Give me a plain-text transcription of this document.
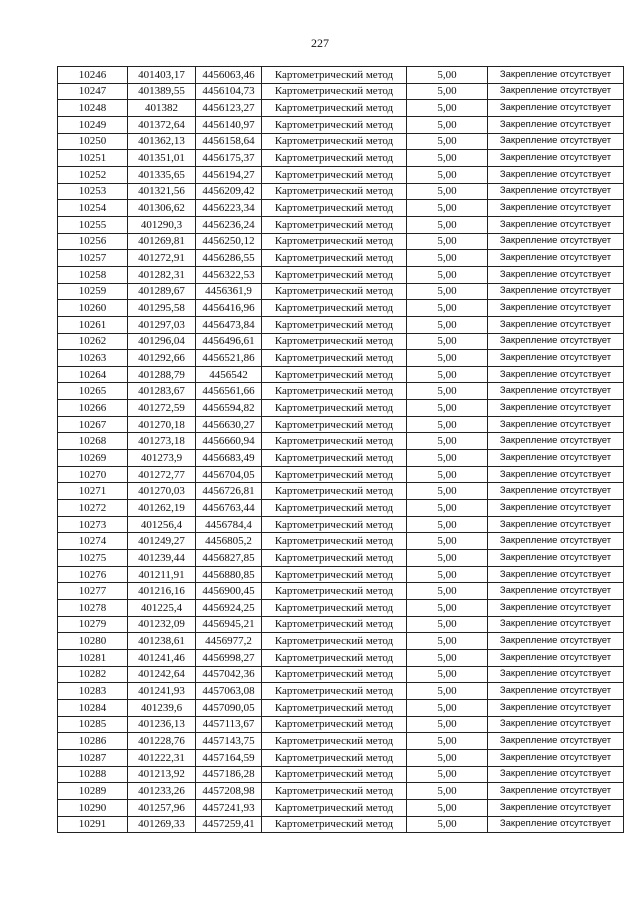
227
10246	401403,17	4456063,46	Картометрический метод	5,00	Закрепление отсутствует
10247	401389,55	4456104,73	Картометрический метод	5,00	Закрепление отсутствует
10248	401382	4456123,27	Картометрический метод	5,00	Закрепление отсутствует
10249	401372,64	4456140,97	Картометрический метод	5,00	Закрепление отсутствует
10250	401362,13	4456158,64	Картометрический метод	5,00	Закрепление отсутствует
10251	401351,01	4456175,37	Картометрический метод	5,00	Закрепление отсутствует
10252	401335,65	4456194,27	Картометрический метод	5,00	Закрепление отсутствует
10253	401321,56	4456209,42	Картометрический метод	5,00	Закрепление отсутствует
10254	401306,62	4456223,34	Картометрический метод	5,00	Закрепление отсутствует
10255	401290,3	4456236,24	Картометрический метод	5,00	Закрепление отсутствует
10256	401269,81	4456250,12	Картометрический метод	5,00	Закрепление отсутствует
10257	401272,91	4456286,55	Картометрический метод	5,00	Закрепление отсутствует
10258	401282,31	4456322,53	Картометрический метод	5,00	Закрепление отсутствует
10259	401289,67	4456361,9	Картометрический метод	5,00	Закрепление отсутствует
10260	401295,58	4456416,96	Картометрический метод	5,00	Закрепление отсутствует
10261	401297,03	4456473,84	Картометрический метод	5,00	Закрепление отсутствует
10262	401296,04	4456496,61	Картометрический метод	5,00	Закрепление отсутствует
10263	401292,66	4456521,86	Картометрический метод	5,00	Закрепление отсутствует
10264	401288,79	4456542	Картометрический метод	5,00	Закрепление отсутствует
10265	401283,67	4456561,66	Картометрический метод	5,00	Закрепление отсутствует
10266	401272,59	4456594,82	Картометрический метод	5,00	Закрепление отсутствует
10267	401270,18	4456630,27	Картометрический метод	5,00	Закрепление отсутствует
10268	401273,18	4456660,94	Картометрический метод	5,00	Закрепление отсутствует
10269	401273,9	4456683,49	Картометрический метод	5,00	Закрепление отсутствует
10270	401272,77	4456704,05	Картометрический метод	5,00	Закрепление отсутствует
10271	401270,03	4456726,81	Картометрический метод	5,00	Закрепление отсутствует
10272	401262,19	4456763,44	Картометрический метод	5,00	Закрепление отсутствует
10273	401256,4	4456784,4	Картометрический метод	5,00	Закрепление отсутствует
10274	401249,27	4456805,2	Картометрический метод	5,00	Закрепление отсутствует
10275	401239,44	4456827,85	Картометрический метод	5,00	Закрепление отсутствует
10276	401211,91	4456880,85	Картометрический метод	5,00	Закрепление отсутствует
10277	401216,16	4456900,45	Картометрический метод	5,00	Закрепление отсутствует
10278	401225,4	4456924,25	Картометрический метод	5,00	Закрепление отсутствует
10279	401232,09	4456945,21	Картометрический метод	5,00	Закрепление отсутствует
10280	401238,61	4456977,2	Картометрический метод	5,00	Закрепление отсутствует
10281	401241,46	4456998,27	Картометрический метод	5,00	Закрепление отсутствует
10282	401242,64	4457042,36	Картометрический метод	5,00	Закрепление отсутствует
10283	401241,93	4457063,08	Картометрический метод	5,00	Закрепление отсутствует
10284	401239,6	4457090,05	Картометрический метод	5,00	Закрепление отсутствует
10285	401236,13	4457113,67	Картометрический метод	5,00	Закрепление отсутствует
10286	401228,76	4457143,75	Картометрический метод	5,00	Закрепление отсутствует
10287	401222,31	4457164,59	Картометрический метод	5,00	Закрепление отсутствует
10288	401213,92	4457186,28	Картометрический метод	5,00	Закрепление отсутствует
10289	401233,26	4457208,98	Картометрический метод	5,00	Закрепление отсутствует
10290	401257,96	4457241,93	Картометрический метод	5,00	Закрепление отсутствует
10291	401269,33	4457259,41	Картометрический метод	5,00	Закрепление отсутствует
